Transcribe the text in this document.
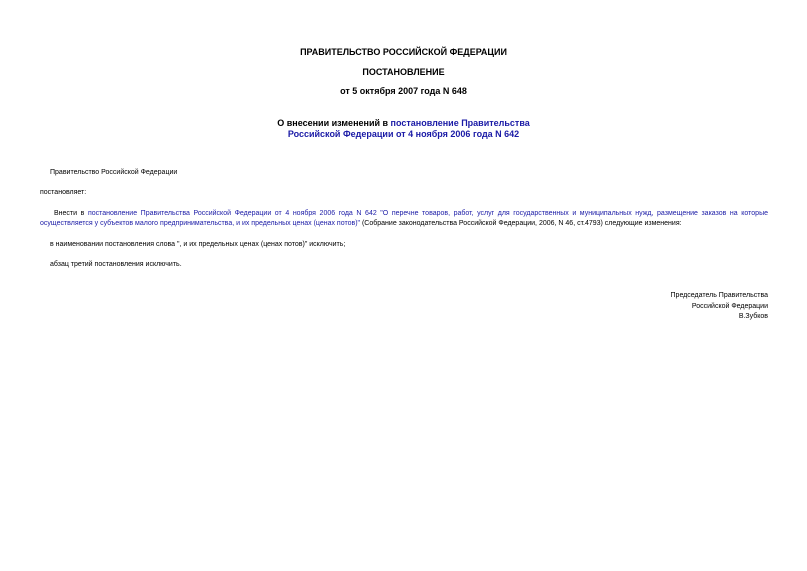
ПРАВИТЕЛЬСТВО РОССИЙСКОЙ ФЕДЕРАЦИИ
ПОСТАНОВЛЕНИЕ
от 5 октября 2007 года N 648
О внесении изменений в постановление Правительства
Российской Федерации от 4 ноября 2006 года N 642
Правительство Российской Федерации
постановляет:
Внести в постановление Правительства Российской Федерации от 4 ноября 2006 года N 642 "О перечне товаров, работ, услуг для государственных и муниципальных нужд, размещение заказов на которые
осуществляется у субъектов малого предпринимательства, и их предельных ценах (ценах потов)" (Собрание законодательства Российской Федерации, 2006, N 46, ст.4793) следующие изменения:
в наименовании постановления слова ", и их предельных ценах (ценах потов)" исключить;
абзац третий постановления исключить.
Председатель Правительства
Российской Федерации
В.Зубков
